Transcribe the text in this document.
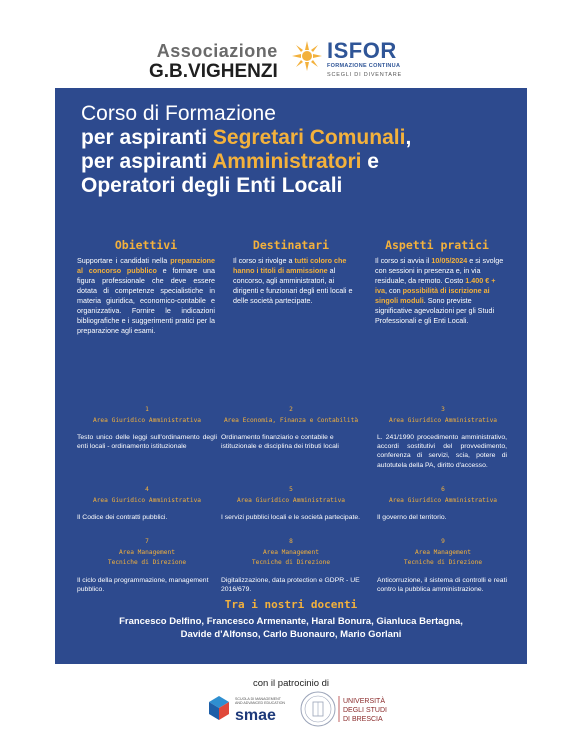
Associazione
G.B.VIGHENZI
ISFOR
FORMAZIONE CONTINUA
SCEGLI DI DIVENTARE
Corso di Formazione
per aspiranti Segretari Comunali,
per aspiranti Amministratori e
Operatori degli Enti Locali
Obiettivi
Supportare i candidati nella preparazione al concorso pubblico e formare una figura professionale che deve essere dotata di competenze specialistiche in materia giuridica, economico-contabile e organizzativa. Fornire le indicazioni bibliografiche e i suggerimenti pratici per la preparazione agli esami.
Destinatari
Il corso si rivolge a tutti coloro che hanno i titoli di ammissione al concorso, agli amministratori, ai dirigenti e funzionari degli enti locali e delle società partecipate.
Aspetti pratici
Il corso si avvia il 10/05/2024 e si svolge con sessioni in presenza e, in via residuale, da remoto. Costo 1.400 € + iva, con possibilità di iscrizione ai singoli moduli. Sono previste significative agevolazioni per gli Studi Professionali e gli Enti Locali.
1
Area Giuridico Amministrativa
Testo unico delle leggi sull'ordinamento degli enti locali - ordinamento istituzionale
2
Area Economia, Finanza e Contabilità
Ordinamento finanziario e contabile e istituzionale e disciplina dei tributi locali
3
Area Giuridico Amministrativa
L. 241/1990 procedimento amministrativo, accordi sostitutivi del provvedimento, conferenza di servizi, scia, potere di autotutela della PA, diritto d'accesso.
4
Area Giuridico Amministrativa
Il Codice dei contratti pubblici.
5
Area Giuridico Amministrativa
I servizi pubblici locali e le società partecipate.
6
Area Giuridico Amministrativa
Il governo del territorio.
7
Area Management
Tecniche di Direzione
Il ciclo della programmazione, management pubblico.
8
Area Management
Tecniche di Direzione
Digitalizzazione, data protection e GDPR - UE 2016/679.
9
Area Management
Tecniche di Direzione
Anticorruzione, il sistema di controlli e reati contro la pubblica amministrazione.
Tra i nostri docenti
Francesco Delfino, Francesco Armenante, Haral Bonura, Gianluca Bertagna,
Davide d'Alfonso, Carlo Buonauro, Mario Gorlani
con il patrocinio di
SCUOLA DI MANAGEMENT
AND ADVANCED EDUCATION
smae
UNIVERSITÀ
DEGLI STUDI
DI BRESCIA
